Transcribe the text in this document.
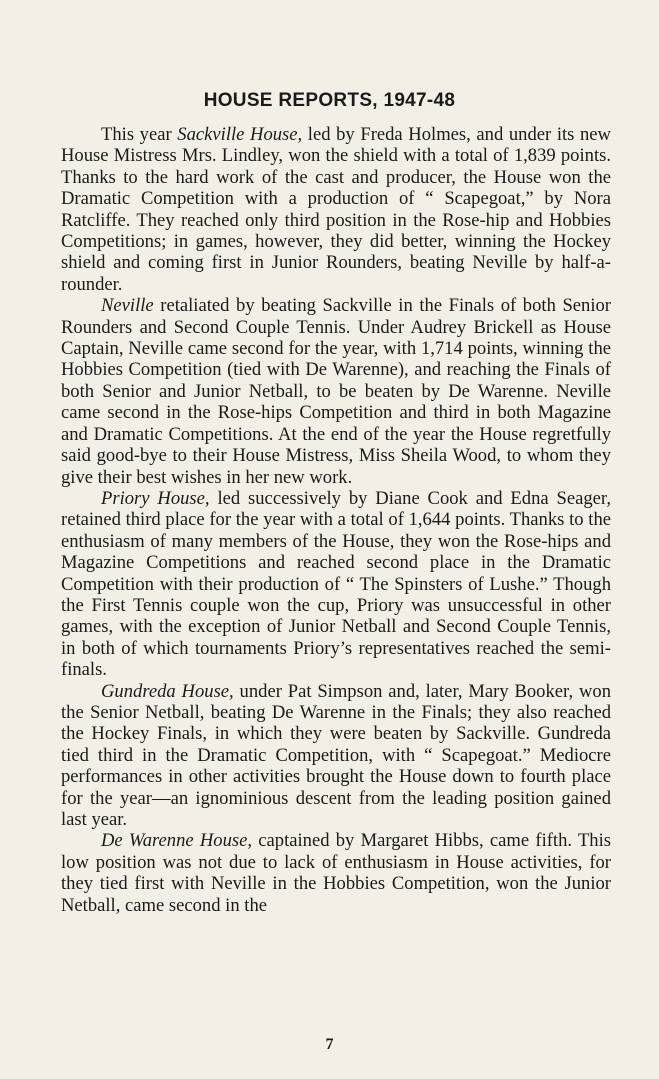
HOUSE REPORTS, 1947-48

This year Sackville House, led by Freda Holmes, and under its new House Mistress Mrs. Lindley, won the shield with a total of 1,839 points. Thanks to the hard work of the cast and producer, the House won the Dramatic Competition with a production of “ Scapegoat,” by Nora Ratcliffe. They reached only third position in the Rose-hip and Hobbies Competitions; in games, however, they did better, winning the Hockey shield and coming first in Junior Rounders, beating Neville by half-a-rounder.

Neville retaliated by beating Sackville in the Finals of both Senior Rounders and Second Couple Tennis. Under Audrey Brickell as House Captain, Neville came second for the year, with 1,714 points, winning the Hobbies Competition (tied with De Warenne), and reaching the Finals of both Senior and Junior Netball, to be beaten by De Warenne. Neville came second in the Rose-hips Competition and third in both Magazine and Dramatic Competitions. At the end of the year the House regretfully said good-bye to their House Mistress, Miss Sheila Wood, to whom they give their best wishes in her new work.

Priory House, led successively by Diane Cook and Edna Seager, retained third place for the year with a total of 1,644 points. Thanks to the enthusiasm of many members of the House, they won the Rose-hips and Magazine Competitions and reached second place in the Dramatic Competition with their production of “ The Spinsters of Lushe.” Though the First Tennis couple won the cup, Priory was unsuccessful in other games, with the exception of Junior Netball and Second Couple Tennis, in both of which tournaments Priory’s representatives reached the semi-finals.

Gundreda House, under Pat Simpson and, later, Mary Booker, won the Senior Netball, beating De Warenne in the Finals; they also reached the Hockey Finals, in which they were beaten by Sackville. Gundreda tied third in the Dramatic Competition, with “ Scapegoat.” Mediocre performances in other activities brought the House down to fourth place for the year—an ignominious descent from the leading position gained last year.

De Warenne House, captained by Margaret Hibbs, came fifth. This low position was not due to lack of enthusiasm in House activities, for they tied first with Neville in the Hobbies Competition, won the Junior Netball, came second in the

7
